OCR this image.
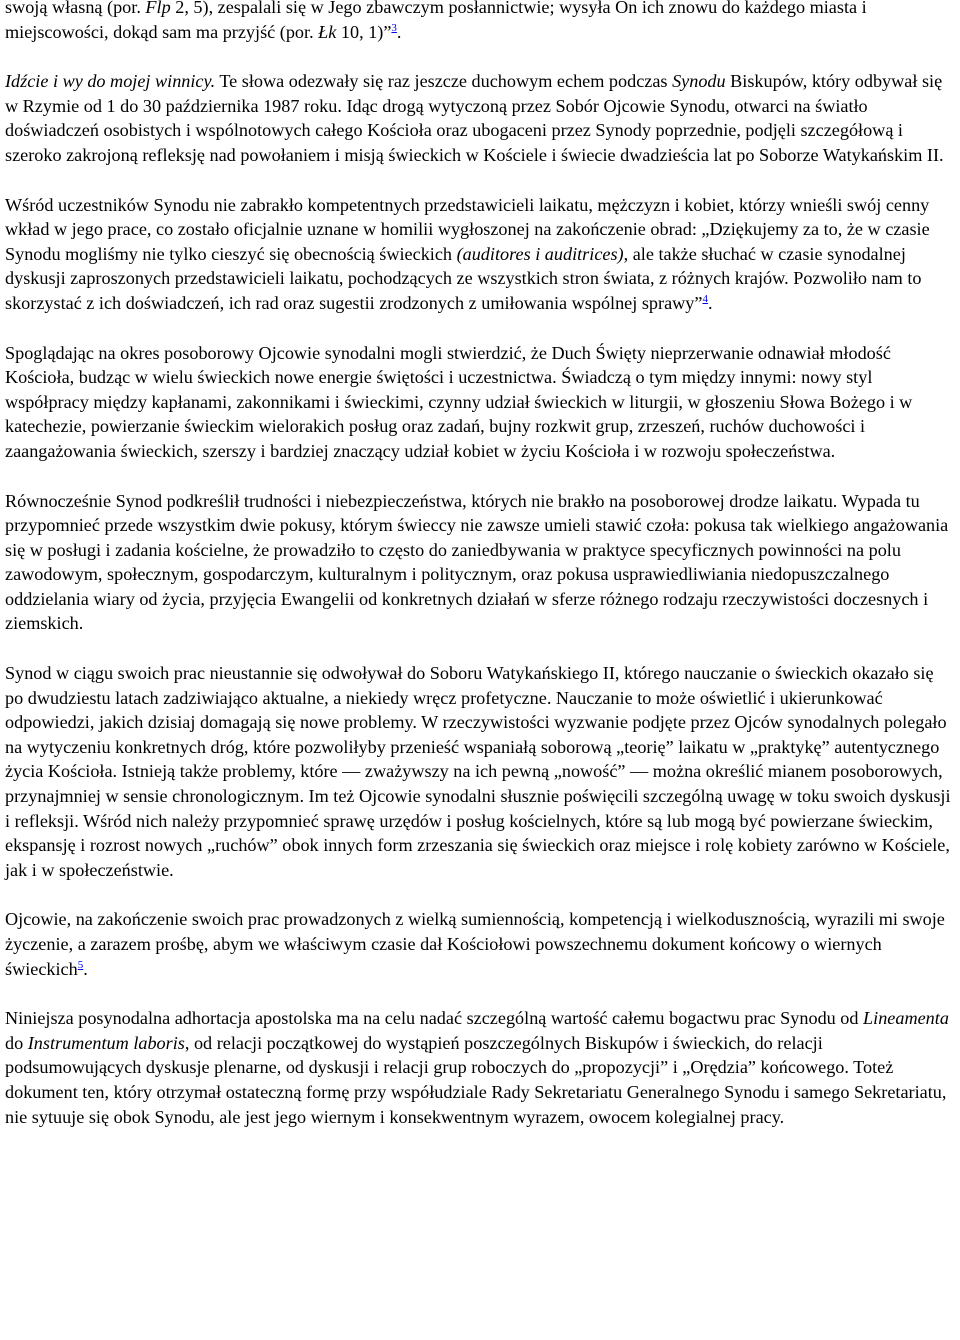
swoją własną (por. Flp 2, 5), zespalali się w Jego zbawczym posłannictwie; wysyła On ich znowu do każdego miasta i miejscowości, dokąd sam ma przyjść (por. Łk 10, 1)”$^3$.

Idźcie i wy do mojej winnicy. Te słowa odezwały się raz jeszcze duchowym echem podczas Synodu Biskupów, który odbywał się w Rzymie od 1 do 30 października 1987 roku. Idąc drogą wytyczoną przez Sobór Ojcowie Synodu, otwarci na światło doświadczeń osobistych i wspólnotowych całego Kościoła oraz ubogaceni przez Synody poprzednie, podjęli szczegółową i szeroko zakrojoną refleksję nad powołaniem i misją świeckich w Kościele i świecie dwadzieścia lat po Soborze Watykańskim II.

Wśród uczestników Synodu nie zabrakło kompetentnych przedstawicieli laikatu, mężczyzn i kobiet, którzy wnieśli swój cenny wkład w jego prace, co zostało oficjalnie uznane w homilii wygłoszonej na zakończenie obrad: „Dziękujemy za to, że w czasie Synodu mogliśmy nie tylko cieszyć się obecnością świeckich (auditores i auditrices), ale także słuchać w czasie synodalnej dyskusji zaproszonych przedstawicieli laikatu, pochodzących ze wszystkich stron świata, z różnych krajów. Pozwoliło nam to skorzystać z ich doświadczeń, ich rad oraz sugestii zrodzonych z umiłowania wspólnej sprawy”$^4$.

Spoglądając na okres posoborowy Ojcowie synodalni mogli stwierdzić, że Duch Święty nieprzerwanie odnawiał młodość Kościoła, budząc w wielu świeckich nowe energie świętości i uczestnictwa. Świadczą o tym między innymi: nowy styl współpracy między kapłanami, zakonnikami i świeckimi, czynny udział świeckich w liturgii, w głoszeniu Słowa Bożego i w katechezie, powierzanie świeckim wielorakich posług oraz zadań, bujny rozkwit grup, zrzeszeń, ruchów duchowości i zaangażowania świeckich, szerszy i bardziej znaczący udział kobiet w życiu Kościoła i w rozwoju społeczeństwa.

Równocześnie Synod podkreślił trudności i niebezpieczeństwa, których nie brakło na posoborowej drodze laikatu. Wypada tu przypomnieć przede wszystkim dwie pokusy, którym świeccy nie zawsze umieli stawić czoła: pokusa tak wielkiego angażowania się w posługi i zadania kościelne, że prowadziło to często do zaniedbywania w praktyce specyficznych powinności na polu zawodowym, społecznym, gospodarczym, kulturalnym i politycznym, oraz pokusa usprawiedliwiania niedopuszczalnego oddzielania wiary od życia, przyjęcia Ewangelii od konkretnych działań w sferze różnego rodzaju rzeczywistości doczesnych i ziemskich.

Synod w ciągu swoich prac nieustannie się odwoływał do Soboru Watykańskiego II, którego nauczanie o świeckich okazało się po dwudziestu latach zadziwiająco aktualne, a niekiedy wręcz profetyczne. Nauczanie to może oświetlić i ukierunkować odpowiedzi, jakich dzisiaj domagają się nowe problemy. W rzeczywistości wyzwanie podjęte przez Ojców synodalnych polegało na wytyczeniu konkretnych dróg, które pozwoliłyby przenieść wspaniałą soborową „teorię” laikatu w „praktykę” autentycznego życia Kościoła. Istnieją także problemy, które — zważywszy na ich pewną „nowość” — można określić mianem posoborowych, przynajmniej w sensie chronologicznym. Im też Ojcowie synodalni słusznie poświęcili szczególną uwagę w toku swoich dyskusji i refleksji. Wśród nich należy przypomnieć sprawę urzędów i posług kościelnych, które są lub mogą być powierzane świeckim, ekspansję i rozrost nowych „ruchów” obok innych form zrzeszania się świeckich oraz miejsce i rolę kobiety zarówno w Kościele, jak i w społeczeństwie.

Ojcowie, na zakończenie swoich prac prowadzonych z wielką sumiennością, kompetencją i wielkodusznością, wyrazili mi swoje życzenie, a zarazem prośbę, abym we właściwym czasie dał Kościołowi powszechnemu dokument końcowy o wiernych świeckich$^5$.

Niniejsza posynodalna adhortacja apostolska ma na celu nadać szczególną wartość całemu bogactwu prac Synodu od Lineamenta do Instrumentum laboris, od relacji początkowej do wystąpień poszczególnych Biskupów i świeckich, do relacji podsumowujących dyskusje plenarne, od dyskusji i relacji grup roboczych do „propozycji” i „Orędzia” końcowego. Toteż dokument ten, który otrzymał ostateczną formę przy współudziale Rady Sekretariatu Generalnego Synodu i samego Sekretariatu, nie sytuuje się obok Synodu, ale jest jego wiernym i konsekwentnym wyrazem, owocem kolegialnej pracy.
